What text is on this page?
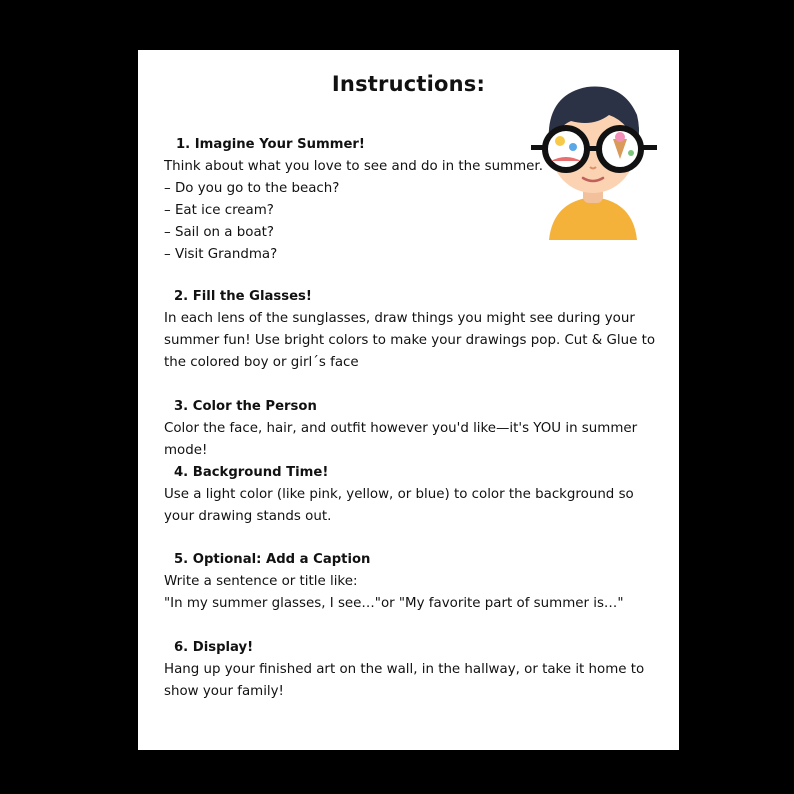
Instructions:
1. Imagine Your Summer!
Think about what you love to see and do in the summer.
– Do you go to the beach?
– Eat ice cream?
– Sail on a boat?
– Visit Grandma?
2. Fill the Glasses!
In each lens of the sunglasses, draw things you might see during your summer fun! Use bright colors to make your drawings pop. Cut & Glue to the colored boy or girl´s face
3. Color the Person
Color the face, hair, and outfit however you'd like—it's YOU in summer mode!
4. Background Time!
Use a light color (like pink, yellow, or blue) to color the background so your drawing stands out.
5. Optional: Add a Caption
Write a sentence or title like:
"In my summer glasses, I see…"or "My favorite part of summer is…"
6. Display!
Hang up your finished art on the wall, in the hallway, or take it home to show your family!
